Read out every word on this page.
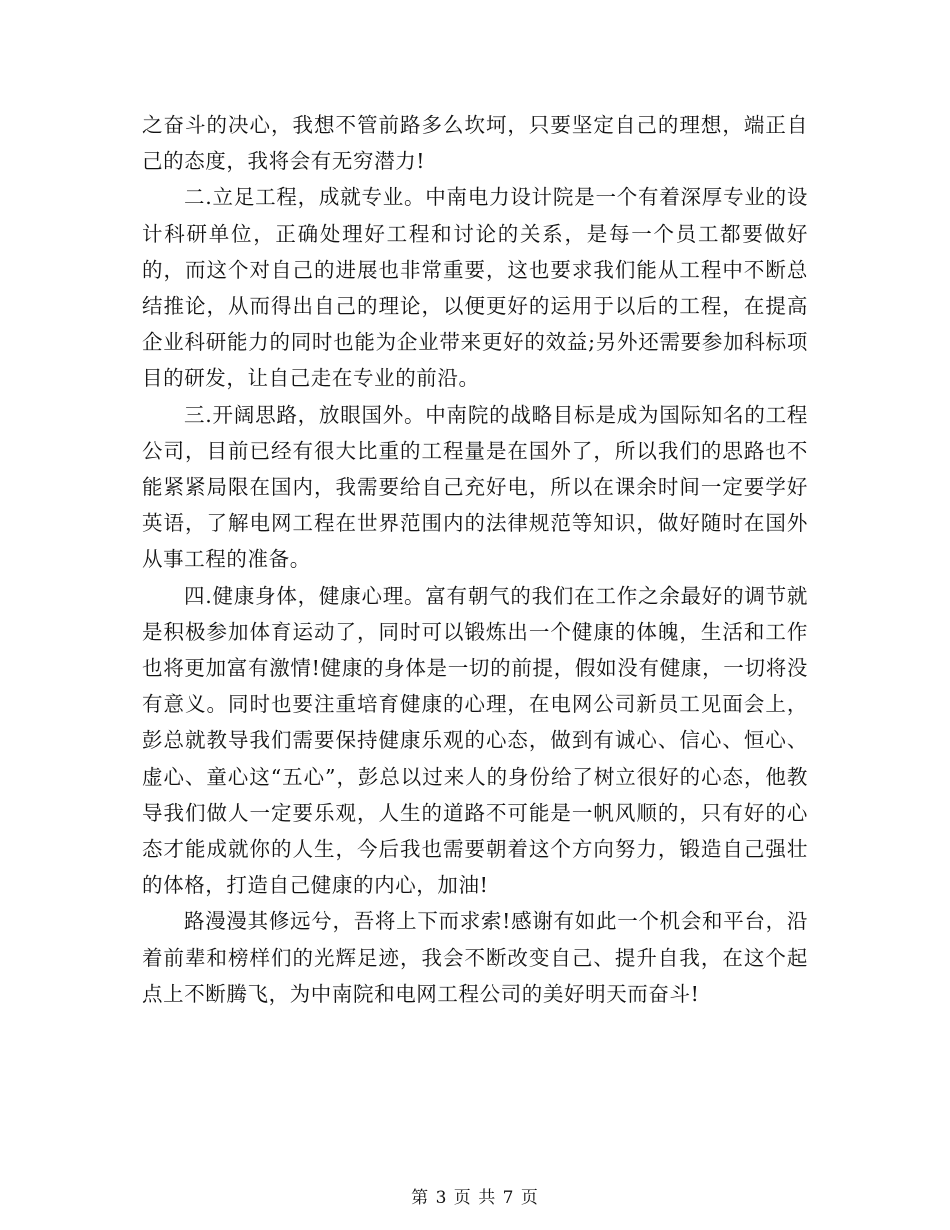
之奋斗的决心，我想不管前路多么坎坷，只要坚定自己的理想，端正自己的态度，我将会有无穷潜力!

二.立足工程，成就专业。中南电力设计院是一个有着深厚专业的设计科研单位，正确处理好工程和讨论的关系，是每一个员工都要做好的，而这个对自己的进展也非常重要，这也要求我们能从工程中不断总结推论，从而得出自己的理论，以便更好的运用于以后的工程，在提高企业科研能力的同时也能为企业带来更好的效益;另外还需要参加科标项目的研发，让自己走在专业的前沿。

三.开阔思路，放眼国外。中南院的战略目标是成为国际知名的工程公司，目前已经有很大比重的工程量是在国外了，所以我们的思路也不能紧紧局限在国内，我需要给自己充好电，所以在课余时间一定要学好英语，了解电网工程在世界范围内的法律规范等知识，做好随时在国外从事工程的准备。

四.健康身体，健康心理。富有朝气的我们在工作之余最好的调节就是积极参加体育运动了，同时可以锻炼出一个健康的体魄，生活和工作也将更加富有激情!健康的身体是一切的前提，假如没有健康，一切将没有意义。同时也要注重培育健康的心理，在电网公司新员工见面会上，彭总就教导我们需要保持健康乐观的心态，做到有诚心、信心、恒心、虚心、童心这“五心”，彭总以过来人的身份给了树立很好的心态，他教导我们做人一定要乐观，人生的道路不可能是一帆风顺的，只有好的心态才能成就你的人生，今后我也需要朝着这个方向努力，锻造自己强壮的体格，打造自己健康的内心，加油!

路漫漫其修远兮，吾将上下而求索!感谢有如此一个机会和平台，沿着前辈和榜样们的光辉足迹，我会不断改变自己、提升自我，在这个起点上不断腾飞，为中南院和电网工程公司的美好明天而奋斗!

第 3 页 共 7 页
